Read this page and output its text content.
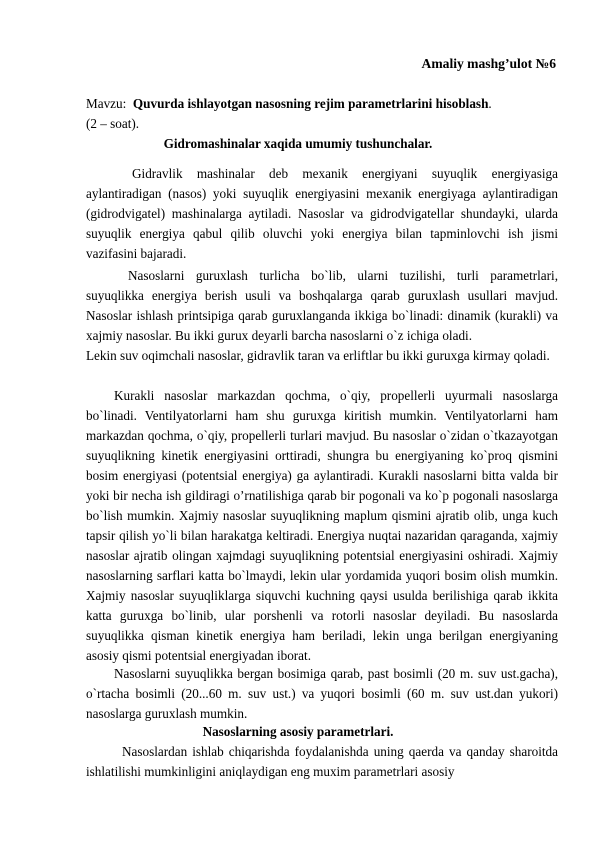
Amaliy mashg’ulot №6
Mavzu: Quvurda ishlayotgan nasosning rejim parametrlarini hisoblash.
(2 – soat).
Gidromashinalar xaqida umumiy tushunchalar.

Gidravlik mashinalar deb mexanik energiyani suyuqlik energiyasiga aylantiradigan (nasos) yoki suyuqlik energiyasini mexanik energiyaga aylantiradigan (gidrodvigatel) mashinalarga aytiladi. Nasoslar va gidrodvigatellar shundayki, ularda suyuqlik energiya qabul qilib oluvchi yoki energiya bilan tapminlovchi ish jismi vazifasini bajaradi.

Nasoslarni guruxlash turlicha bo`lib, ularni tuzilishi, turli parametrlari, suyuqlikka energiya berish usuli va boshqalarga qarab guruxlash usullari mavjud. Nasoslar ishlash printsipiga qarab guruxlanganda ikkiga bo`linadi: dinamik (kurakli) va xajmiy nasoslar. Bu ikki gurux deyarli barcha nasoslarni o`z ichiga oladi.

Lekin suv oqimchali nasoslar, gidravlik taran va erliftlar bu ikki guruxga kirmay qoladi.

Kurakli nasoslar markazdan qochma, o`qiy, propellerli uyurmali nasoslarga bo`linadi. Ventilyatorlarni ham shu guruxga kiritish mumkin. Ventilyatorlarni ham markazdan qochma, o`qiy, propellerli turlari mavjud. Bu nasoslar o`zidan o`tkazayotgan suyuqlikning kinetik energiyasini orttiradi, shungra bu energiyaning ko`proq qismini bosim energiyasi (potentsial energiya) ga aylantiradi. Kurakli nasoslarni bitta valda bir yoki bir necha ish gildiragi o’rnatilishiga qarab bir pogonali va ko`p pogonali nasoslarga bo`lish mumkin. Xajmiy nasoslar suyuqlikning maplum qismini ajratib olib, unga kuch tapsir qilish yo`li bilan harakatga keltiradi. Energiya nuqtai nazaridan qaraganda, xajmiy nasoslar ajratib olingan xajmdagi suyuqlikning potentsial energiyasini oshiradi. Xajmiy nasoslarning sarflari katta bo`lmaydi, lekin ular yordamida yuqori bosim olish mumkin. Xajmiy nasoslar suyuqliklarga siquvchi kuchning qaysi usulda berilishiga qarab ikkita katta guruxga bo`linib, ular porshenli va rotorli nasoslar deyiladi. Bu nasoslarda suyuqlikka qisman kinetik energiya ham beriladi, lekin unga berilgan energiyaning asosiy qismi potentsial energiyadan iborat.

Nasoslarni suyuqlikka bergan bosimiga qarab, past bosimli (20 m. suv ust.gacha), o`rtacha bosimli (20...60 m. suv ust.) va yuqori bosimli (60 m. suv ust.dan yukori) nasoslarga guruxlash mumkin.

Nasoslarning asosiy parametrlari.

Nasoslardan ishlab chiqarishda foydalanishda uning qaerda va qanday sharoitda ishlatilishi mumkinligini aniqlaydigan eng muxim parametrlari asosiy
